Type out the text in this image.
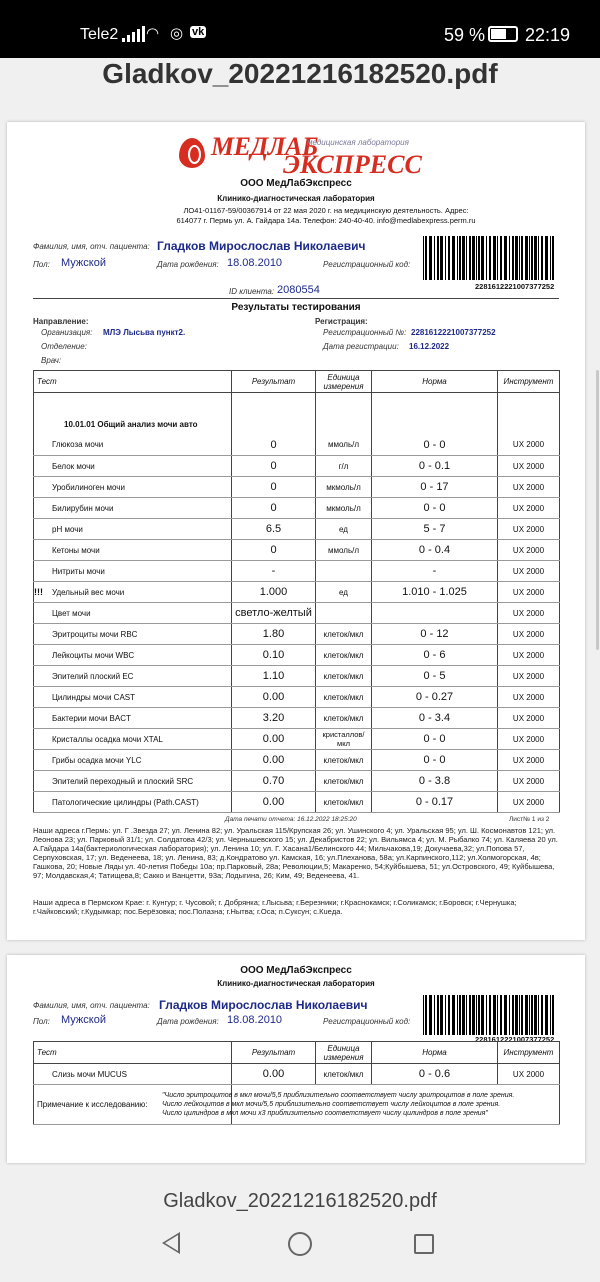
Tele2 ◠ ◎ vk	59 % 22:19
Gladkov_20221216182520.pdf
МЕДЛАБ
медицинская лаборатория
ЭКСПРЕСС
ООО МедЛабЭкспресс
Клинико-диагностическая лаборатория
ЛО41-01167-59/00367914 от 22 мая 2020 г. на медицинскую деятельность. Адрес:
614077 г. Пермь ул. А. Гайдара 14а. Телефон: 240-40-40. info@medlabexpress.perm.ru
Фамилия, имя, отч. пациента: Гладков Мирослослав Николаевич
Пол: Мужской	Дата рождения: 18.08.2010	Регистрационный код:
2281612221007377252
ID клиента: 2080554
Результаты тестирования
Направление:
Организация: МЛЭ Лысьва пункт2.
Отделение:
Врач:
Регистрация:
Регистрационный №: 2281612221007377252
Дата регистрации: 16.12.2022
Тест	Результат	Единица измерения	Норма	Инструмент

10.01.01 Общий анализ мочи авто				
Глюкоза мочи	0	ммоль/л	0 - 0	UX 2000
Белок мочи	0	г/л	0 - 0.1	UX 2000
Уробилиноген мочи	0	мкмоль/л	0 - 17	UX 2000
Билирубин мочи	0	мкмоль/л	0 - 0	UX 2000
pH мочи	6.5	ед	5 - 7	UX 2000
Кетоны мочи	0	ммоль/л	0 - 0.4	UX 2000
Нитриты мочи	-		-	UX 2000
!!! Удельный вес мочи	1.000	ед	1.010 - 1.025	UX 2000
Цвет мочи	светло-желтый			UX 2000
Эритроциты мочи RBC	1.80	клеток/мкл	0 - 12	UX 2000
Лейкоциты мочи WBC	0.10	клеток/мкл	0 - 6	UX 2000
Эпителий плоский EC	1.10	клеток/мкл	0 - 5	UX 2000
Цилиндры мочи CAST	0.00	клеток/мкл	0 - 0.27	UX 2000
Бактерии мочи BACT	3.20	клеток/мкл	0 - 3.4	UX 2000
Кристаллы осадка мочи XTAL	0.00	кристаллов/мкл	0 - 0	UX 2000
Грибы осадка мочи YLC	0.00	клеток/мкл	0 - 0	UX 2000
Эпителий переходный и плоский SRC	0.70	клеток/мкл	0 - 3.8	UX 2000
Патологические цилиндры (Path.CAST)	0.00	клеток/мкл	0 - 0.17	UX 2000
Дата печати отчета: 16.12.2022 18:25:20	Лист№ 1 из 2
Наши адреса г.Пермь: ул. Г .Звезда 27; ул. Ленина 82; ул. Уральская 115/Крупская 26; ул. Ушинского 4; ул. Уральская 95; ул. Ш. Космонавтов 121; ул. Леонова 23; ул. Парковый 31/1; ул. Солдатова 42/3; ул. Чернышевского 15; ул. Декабристов 22; ул. Вильямса 4; ул. М. Рыбалко 74; ул. Каляева 20 ул. А.Гайдара 14а(бактериологическая лаборатория); ул. Ленина 10; ул. Г. Хасана1/Белинского 44; Мильчакова,19; Докучаева,32; ул.Попова 57, Серпуховская, 17; ул. Веденеева, 18; ул. Ленина, 83; д.Кондратово ул. Камская, 16; ул.Плеханова, 58а; ул.Карпинского,112; ул.Холмогорская, 4в; Гашкова, 20; Новые Ляды ул. 40-летия Победы 10а; пр.Парковый, 28а; Революции,5; Макаренко, 54;Куйбышева, 51; ул.Островского, 49; Куйбышева, 97; Молдавская,4; Татищева,8; Сакко и Ванцетти, 93а; Лодыгина, 26; Ким, 49; Веденеева, 41.
Наши адреса в Пермском Крае: г. Кунгур; г. Чусовой; г. Добрянка; г.Лысьва; г.Березники; г.Краснокамск; г.Соликамск; г.Боровск; г.Чернушка; г.Чайковский; г.Кудымкар; пос.Берёзовка; пос.Полазна; г.Нытва; г.Оса; п.Суксун; с.Кueда.
ООО МедЛабЭкспресс
Клинико-диагностическая лаборатория
Фамилия, имя, отч. пациента: Гладков Мирослослав Николаевич
Пол: Мужской	Дата рождения: 18.08.2010	Регистрационный код:
2281612221007377252
Тест	Результат	Единица измерения	Норма	Инструмент
Слизь мочи MUCUS	0.00	клеток/мкл	0 - 0.6	UX 2000
Примечание к исследованию:	"Число эритроцитов в мкл мочи/5,5 приблизительно соответствует числу эритроцитов в поле зрения.
Число лейкоцитов в мкл мочи/5,5 приблизительно соответствует числу лейкоцитов в поле зрения.
Число цилиндров в мкл мочи х3 приблизительно соответствует числу цилиндров в поле зрения"			
Gladkov_20221216182520.pdf
